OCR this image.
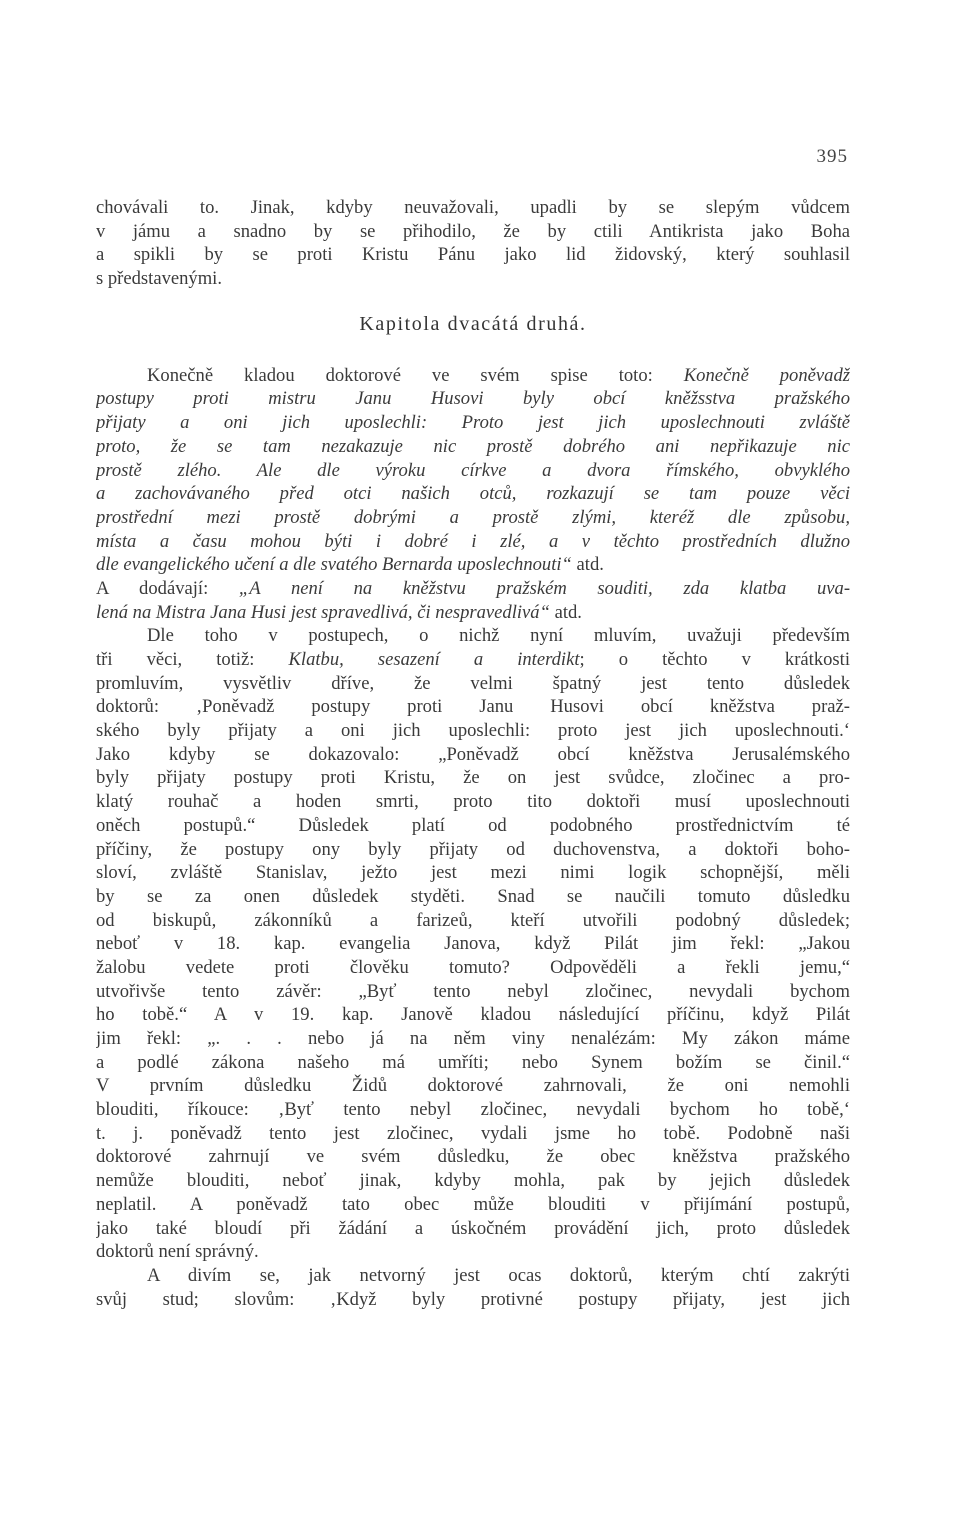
395
chovávali to. Jinak, kdyby neuvažovali, upadli by se slepým vůdcem
v jámu a snadno by se přihodilo, že by ctili Antikrista jako Boha
a spikli by se proti Kristu Pánu jako lid židovský, který souhlasil
s představenými.
Kapitola dvacátá druhá.
Konečně kladou doktorové ve svém spise toto: Konečně poněvadž
postupy proti mistru Janu Husovi byly obcí kněžsstva pražského
přijaty a oni jich uposlechli: Proto jest jich uposlechnouti zvláště
proto, že se tam nezakazuje nic prostě dobrého ani nepřikazuje nic
prostě zlého. Ale dle výroku církve a dvora římského, obvyklého
a zachovávaného před otci našich otců, rozkazují se tam pouze věci
prostřední mezi prostě dobrými a prostě zlými, kteréž dle způsobu,
místa a času mohou býti i dobré i zlé, a v těchto prostředních dlužno
dle evangelického učení a dle svatého Bernarda uposlechnouti“ atd.
A dodávají: „A není na kněžstvu pražském souditi, zda klatba uva-
lená na Mistra Jana Husi jest spravedlivá, či nespravedlivá“ atd.
Dle toho v postupech, o nichž nyní mluvím, uvažuji především
tři věci, totiž: Klatbu, sesazení a interdikt; o těchto v krátkosti
promluvím, vysvětliv dříve, že velmi špatný jest tento důsledek
doktorů: ‚Poněvadž postupy proti Janu Husovi obcí kněžstva praž-
ského byly přijaty a oni jich uposlechli: proto jest jich uposlechnouti.‘
Jako kdyby se dokazovalo: „Poněvadž obcí kněžstva Jerusalémského
byly přijaty postupy proti Kristu, že on jest svůdce, zločinec a pro-
klatý rouhač a hoden smrti, proto tito doktoři musí uposlechnouti
oněch postupů.“ Důsledek platí od podobného prostřednictvím té
příčiny, že postupy ony byly přijaty od duchovenstva, a doktoři boho-
sloví, zvláště Stanislav, ježto jest mezi nimi logik schopnější, měli
by se za onen důsledek styděti. Snad se naučili tomuto důsledku
od biskupů, zákonníků a farizeů, kteří utvořili podobný důsledek;
neboť v 18. kap. evangelia Janova, když Pilát jim řekl: „Jakou
žalobu vedete proti člověku tomuto? Odpověděli a řekli jemu,“
utvořivše tento závěr: „Byť tento nebyl zločinec, nevydali bychom
ho tobě.“ A v 19. kap. Janově kladou následující příčinu, když Pilát
jim řekl: „. . . nebo já na něm viny nenalézám: My zákon máme
a podlé zákona našeho má umříti; nebo Synem božím se činil.“
V prvním důsledku Židů doktorové zahrnovali, že oni nemohli
blouditi, říkouce: ‚Byť tento nebyl zločinec, nevydali bychom ho tobě,‘
t. j. poněvadž tento jest zločinec, vydali jsme ho tobě. Podobně naši
doktorové zahrnují ve svém důsledku, že obec kněžstva pražského
nemůže blouditi, neboť jinak, kdyby mohla, pak by jejich důsledek
neplatil. A poněvadž tato obec může blouditi v přijímání postupů,
jako také bloudí při žádání a úskočném provádění jich, proto důsledek
doktorů není správný.
A divím se, jak netvorný jest ocas doktorů, kterým chtí zakrýti
svůj stud; slovům: ‚Když byly protivné postupy přijaty, jest jich
